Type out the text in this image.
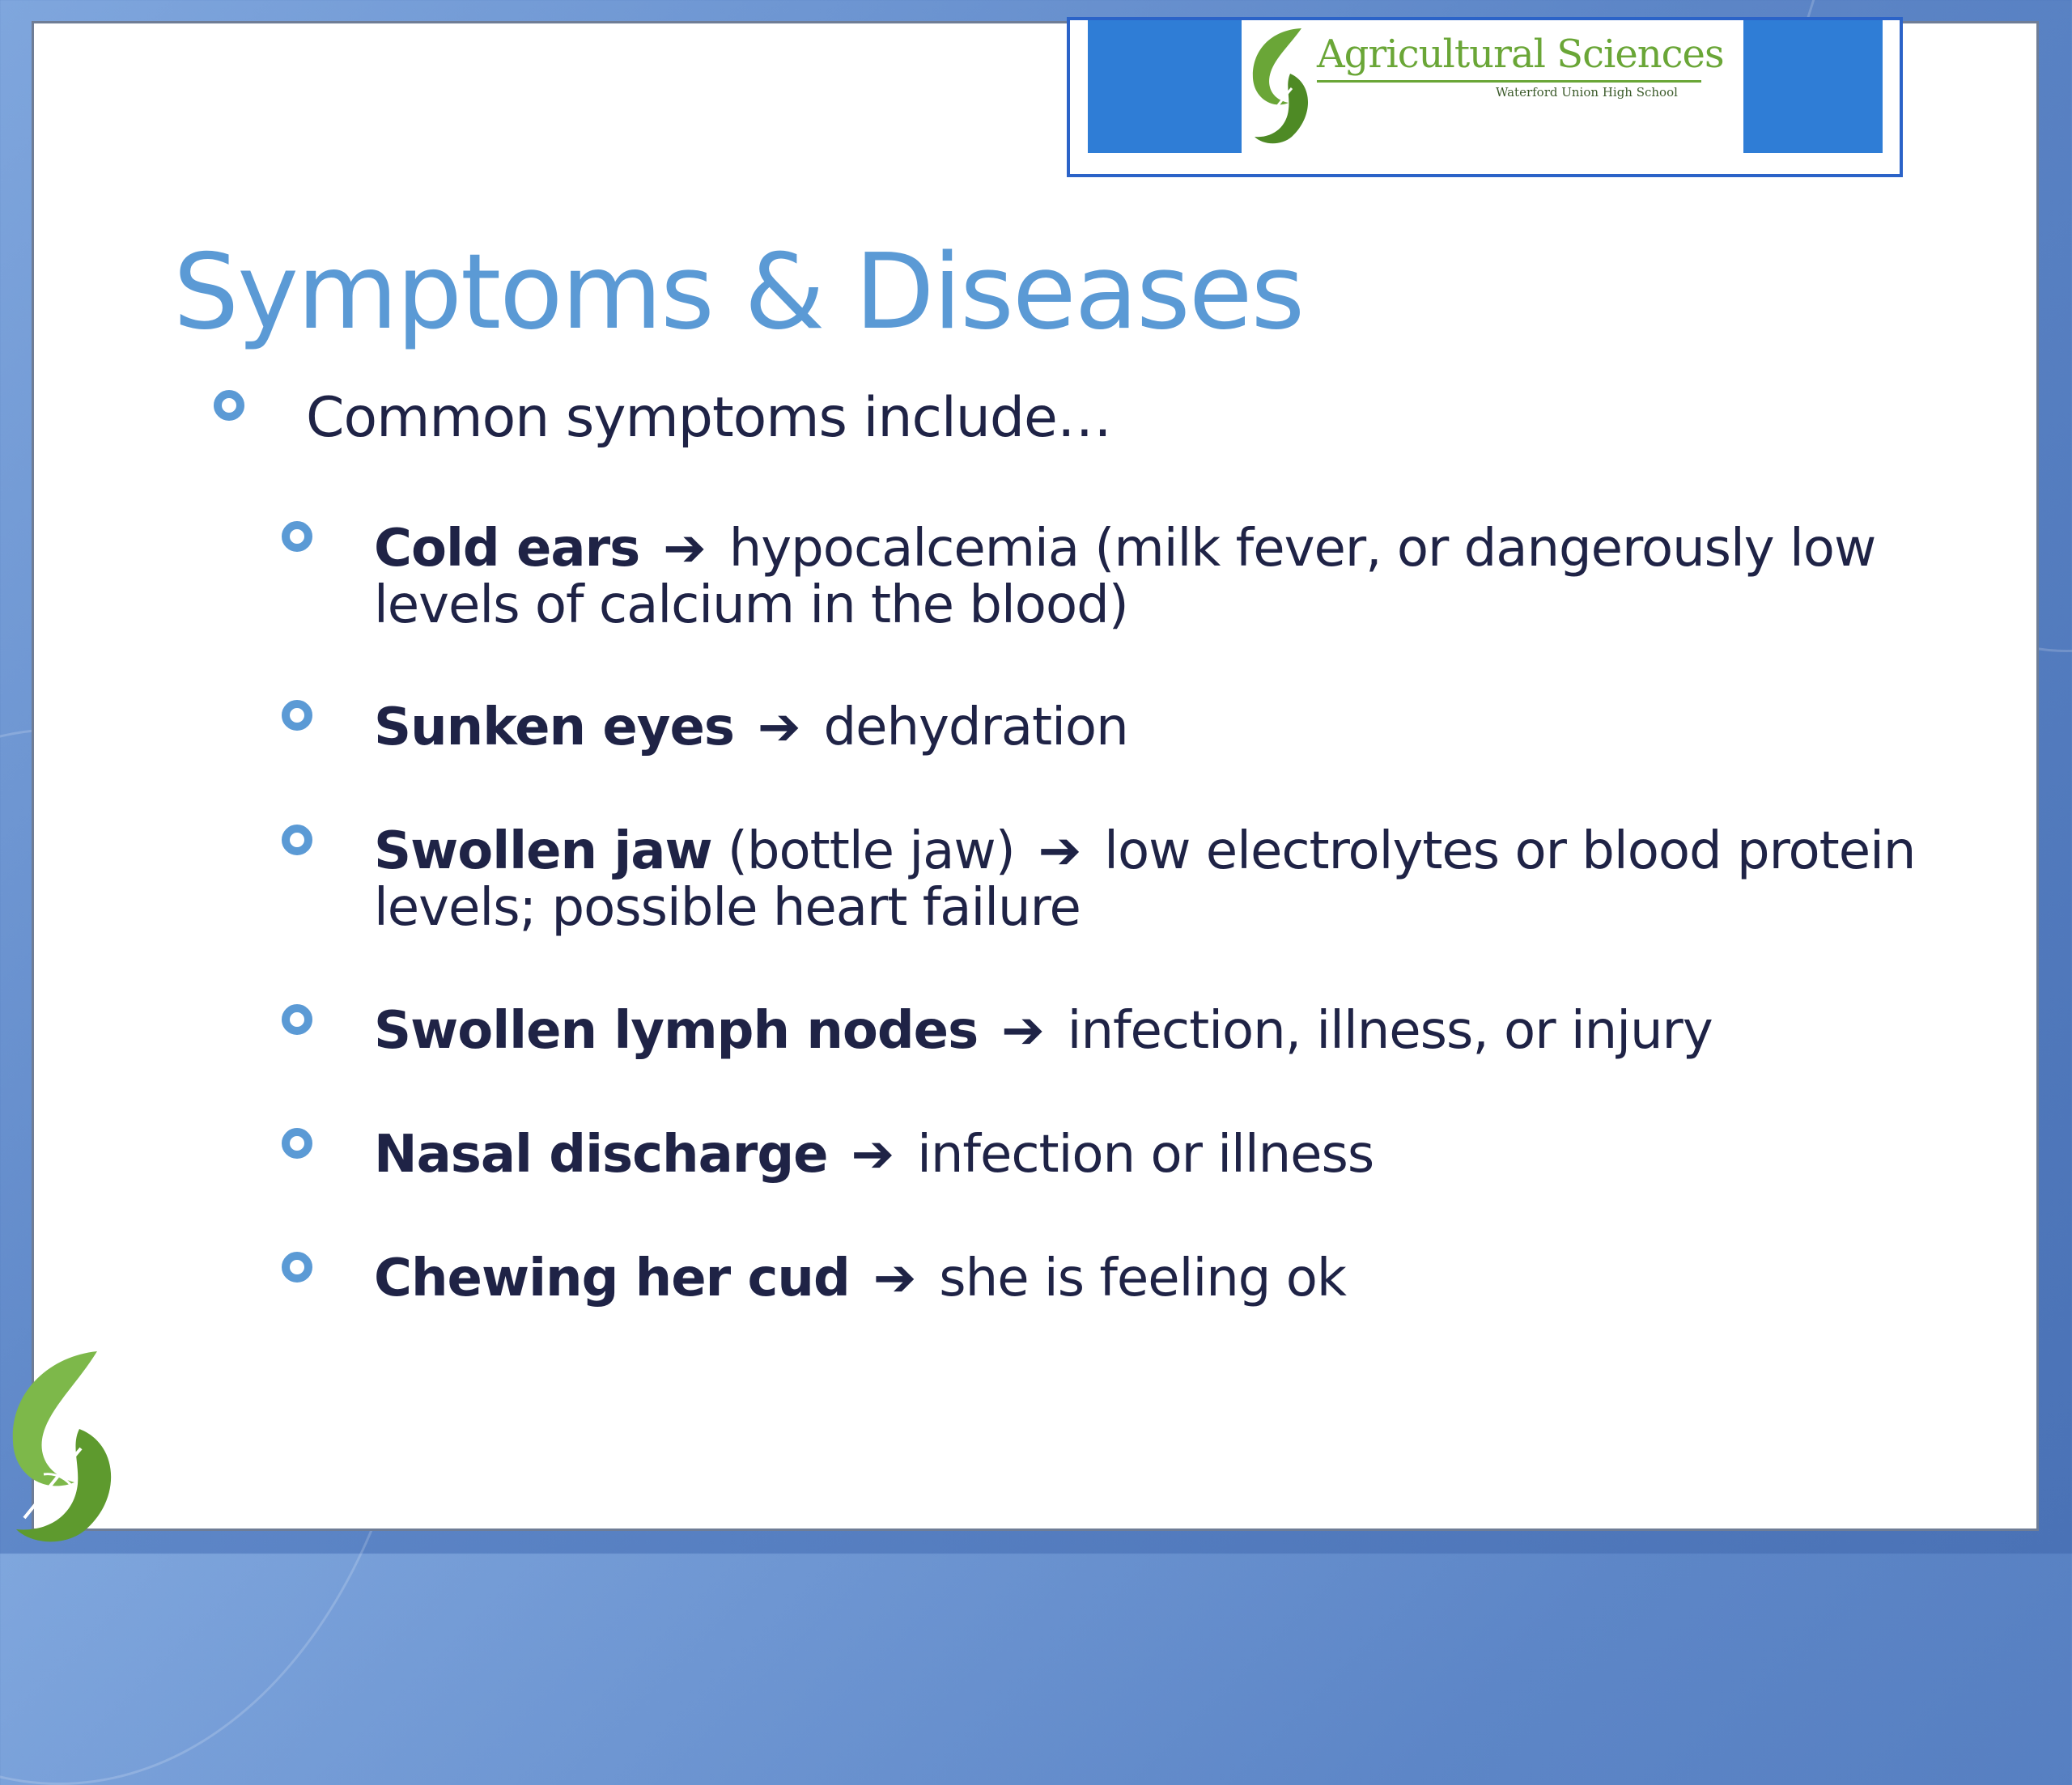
Agricultural Sciences
Waterford Union High School
Symptoms & Diseases
Common symptoms include…
Cold ears ➔ hypocalcemia (milk fever, or dangerously low levels of calcium in the blood)
Sunken eyes ➔ dehydration
Swollen jaw (bottle jaw) ➔ low electrolytes or blood protein levels; possible heart failure
Swollen lymph nodes ➔ infection, illness, or injury
Nasal discharge ➔ infection or illness
Chewing her cud ➔ she is feeling ok
